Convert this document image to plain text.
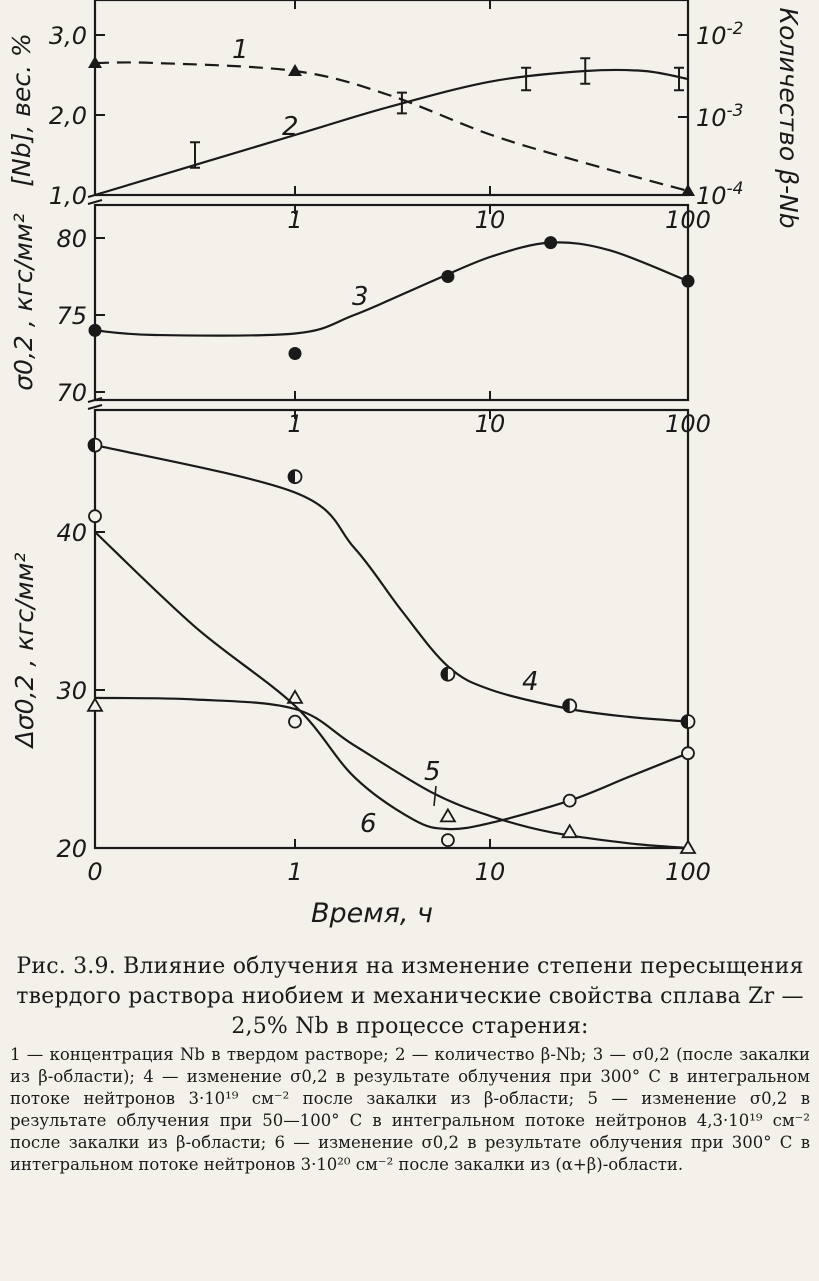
1,0
2,0
3,0	$10^{-2}$
$10^{-3}$
$10^{-4}$
1	10	100
[Nb], вес. %	Количество β-Nb
1
2
70
75
80
1	10	100
σ0,2 , кгс/мм²	3
20
30
40
0	1	10	100
Δσ0,2 , кгс/мм²	4
5
6
Время, ч

Рис. 3.9. Влияние облучения на изменение степени пересыщения твердого раствора ниобием и механические свойства сплава Zr — 2,5% Nb в процессе старения:

1 — концентрация Nb в твердом растворе; 2 — количество β-Nb; 3 — σ0,2 (после закалки из β-области); 4 — изменение σ0,2 в результате облучения при 300° С в интегральном потоке нейтронов 3·10¹⁹ см⁻² после закалки из β-области; 5 — изменение σ0,2 в результате облучения при 50—100° С в интегральном потоке нейтронов 4,3·10¹⁹ см⁻² после закалки из β-области; 6 — изменение σ0,2 в результате облучения при 300° С в интегральном потоке нейтронов 3·10²⁰ см⁻² после закалки из (α+β)-области.
